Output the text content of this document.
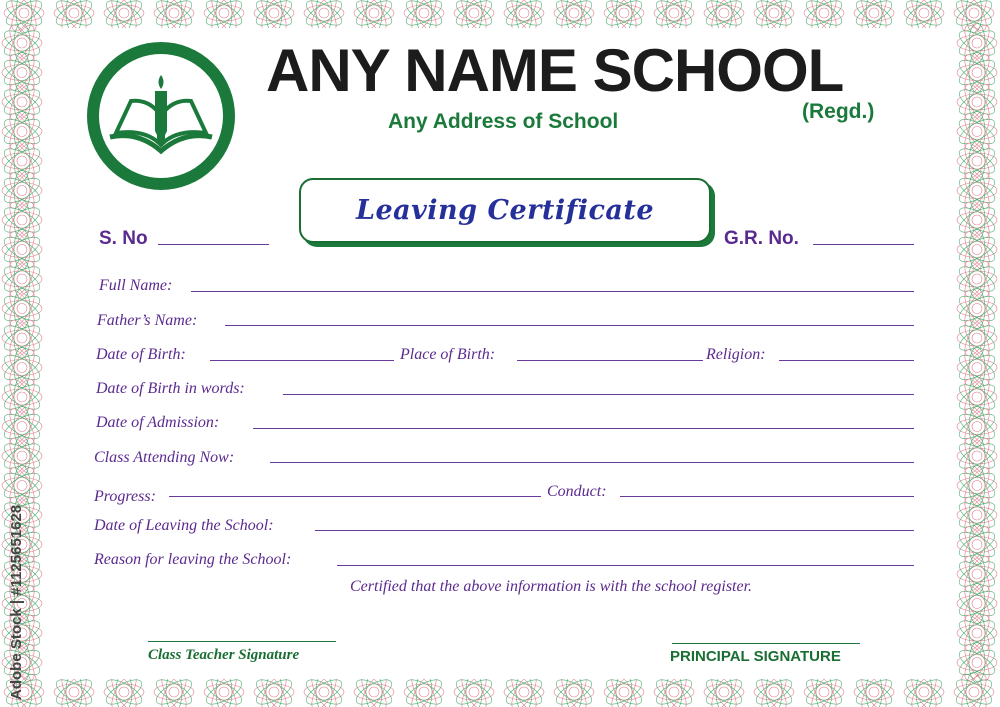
ANY NAME SCHOOL
(Regd.)
Any Address of School
Leaving Certificate
S. No	G.R. No.
Full Name:
Father’s Name:
Date of Birth:	Place of Birth:	Religion:
Date of Birth in words:
Date of Admission:
Class Attending Now:
Progress:	Conduct:
Date of Leaving the School:
Reason for leaving the School:
Certified that the above information is with the school register.
Class Teacher Signature	PRINCIPAL SIGNATURE
Adobe Stock | #1125651628
